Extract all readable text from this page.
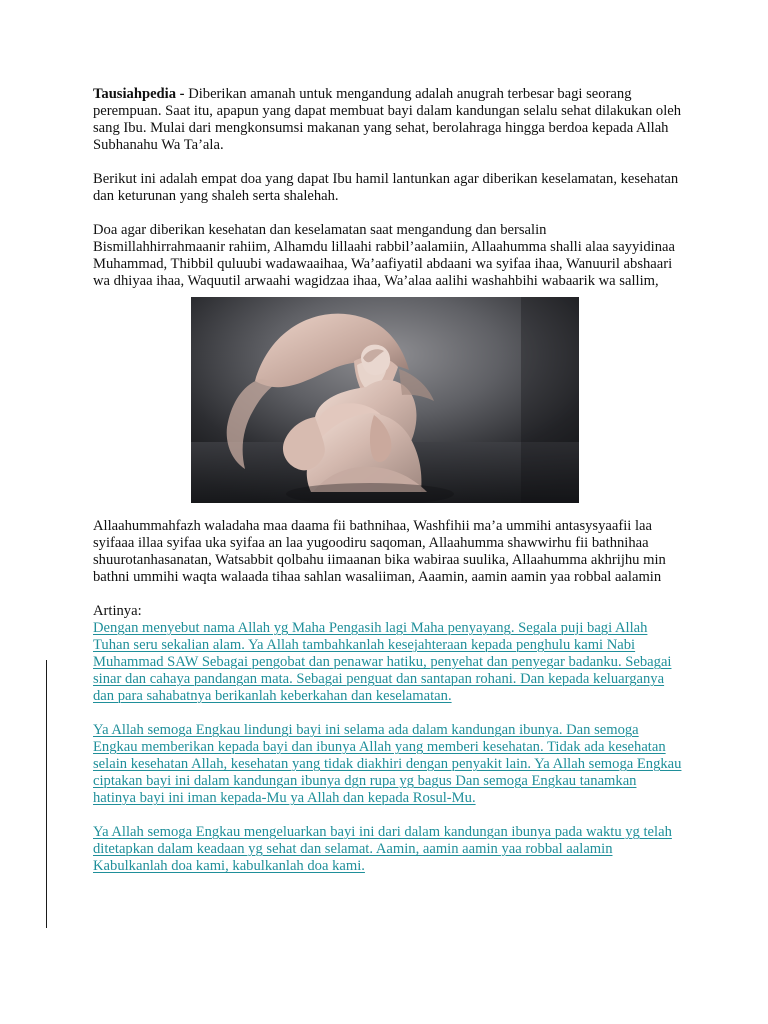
Tausiahpedia - Diberikan amanah untuk mengandung adalah anugrah terbesar bagi seorang perempuan. Saat itu, apapun yang dapat membuat bayi dalam kandungan selalu sehat dilakukan oleh sang Ibu. Mulai dari mengkonsumsi makanan yang sehat, berolahraga hingga berdoa kepada Allah Subhanahu Wa Ta’ala.

Berikut ini adalah empat doa yang dapat Ibu hamil lantunkan agar diberikan keselamatan, kesehatan dan keturunan yang shaleh serta shalehah.

Doa agar diberikan kesehatan dan keselamatan saat mengandung dan bersalin

Bismillahhirrahmaanir rahiim, Alhamdu lillaahi rabbil’aalamiin, Allaahumma shalli alaa sayyidinaa Muhammad, Thibbil quluubi wadawaaihaa, Wa’aafiyatil abdaani wa syifaa ihaa, Wanuuril abshaari wa dhiyaa ihaa, Waquutil arwaahi wagidzaa ihaa, Wa’alaa aalihi washahbihi wabaarik wa sallim,

Allaahummahfazh waladaha maa daama fii bathnihaa, Washfihii ma’a ummihi antasysyaafii laa syifaaa illaa syifaa uka syifaa an laa yugoodiru saqoman, Allaahumma shawwirhu fii bathnihaa shuurotanhasanatan, Watsabbit qolbahu iimaanan bika wabiraa suulika, Allaahumma akhrijhu min bathni ummihi waqta walaada tihaa sahlan wasaliiman, Aaamin, aamin aamin yaa robbal aalamin

Artinya:

Dengan menyebut nama Allah yg Maha Pengasih lagi Maha penyayang. Segala puji bagi Allah Tuhan seru sekalian alam. Ya Allah tambahkanlah kesejahteraan kepada penghulu kami Nabi Muhammad SAW Sebagai pengobat dan penawar hatiku, penyehat dan penyegar badanku. Sebagai sinar dan cahaya pandangan mata. Sebagai penguat dan santapan rohani. Dan kepada keluarganya dan para sahabatnya berikanlah keberkahan dan keselamatan.

Ya Allah semoga Engkau lindungi bayi ini selama ada dalam kandungan ibunya. Dan semoga Engkau memberikan kepada bayi dan ibunya Allah yang memberi kesehatan. Tidak ada kesehatan selain kesehatan Allah, kesehatan yang tidak diakhiri dengan penyakit lain. Ya Allah semoga Engkau ciptakan bayi ini dalam kandungan ibunya dgn rupa yg bagus Dan semoga Engkau tanamkan hatinya bayi ini iman kepada-Mu ya Allah dan kepada Rosul-Mu.

Ya Allah semoga Engkau mengeluarkan bayi ini dari dalam kandungan ibunya pada waktu yg telah ditetapkan dalam keadaan yg sehat dan selamat. Aamin, aamin aamin yaa robbal aalamin Kabulkanlah doa kami, kabulkanlah doa kami.
